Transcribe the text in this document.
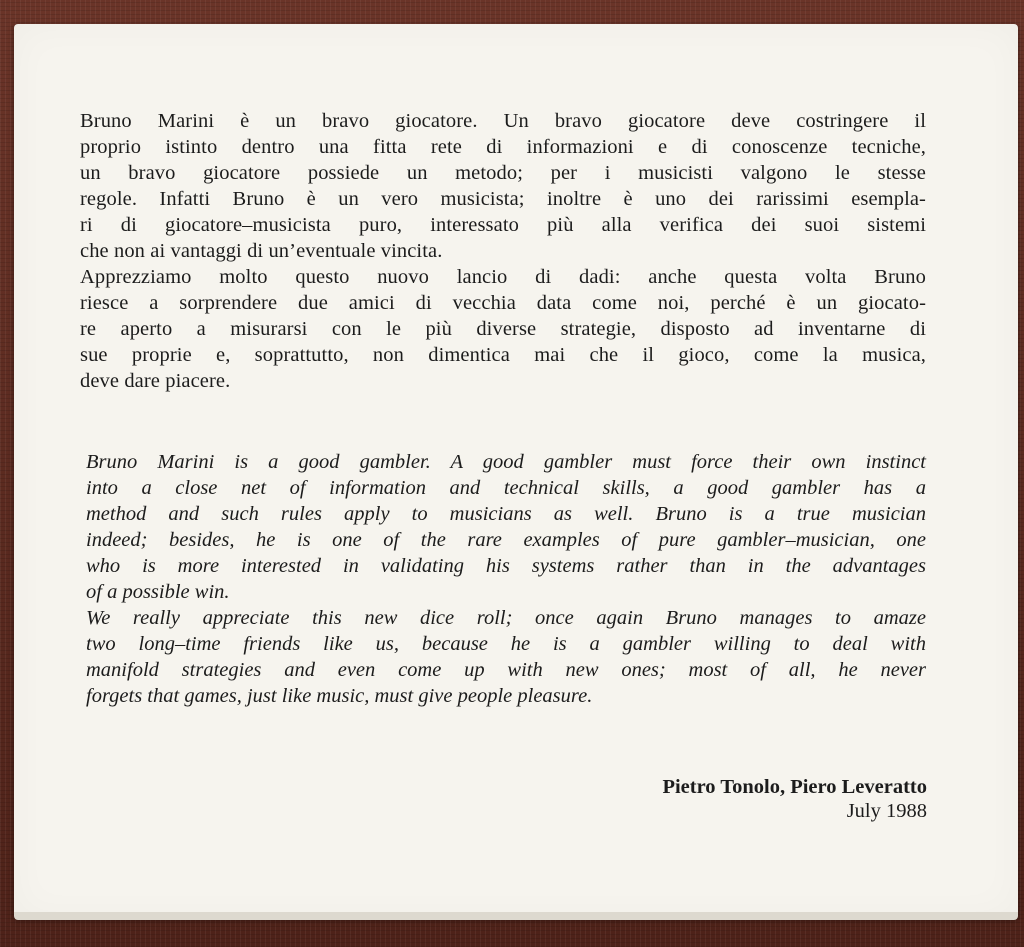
Bruno Marini è un bravo giocatore. Un bravo giocatore deve costringere il
proprio istinto dentro una fitta rete di informazioni e di conoscenze tecniche,
un bravo giocatore possiede un metodo; per i musicisti valgono le stesse
regole. Infatti Bruno è un vero musicista; inoltre è uno dei rarissimi esempla-
ri di giocatore–musicista puro, interessato più alla verifica dei suoi sistemi
che non ai vantaggi di un’eventuale vincita.
Apprezziamo molto questo nuovo lancio di dadi: anche questa volta Bruno
riesce a sorprendere due amici di vecchia data come noi, perché è un giocato-
re aperto a misurarsi con le più diverse strategie, disposto ad inventarne di
sue proprie e, soprattutto, non dimentica mai che il gioco, come la musica,
deve dare piacere.
Bruno Marini is a good gambler. A good gambler must force their own instinct
into a close net of information and technical skills, a good gambler has a
method and such rules apply to musicians as well. Bruno is a true musician
indeed; besides, he is one of the rare examples of pure gambler–musician, one
who is more interested in validating his systems rather than in the advantages
of a possible win.
We really appreciate this new dice roll; once again Bruno manages to amaze
two long–time friends like us, because he is a gambler willing to deal with
manifold strategies and even come up with new ones; most of all, he never
forgets that games, just like music, must give people pleasure.
Pietro Tonolo, Piero Leveratto
July 1988
